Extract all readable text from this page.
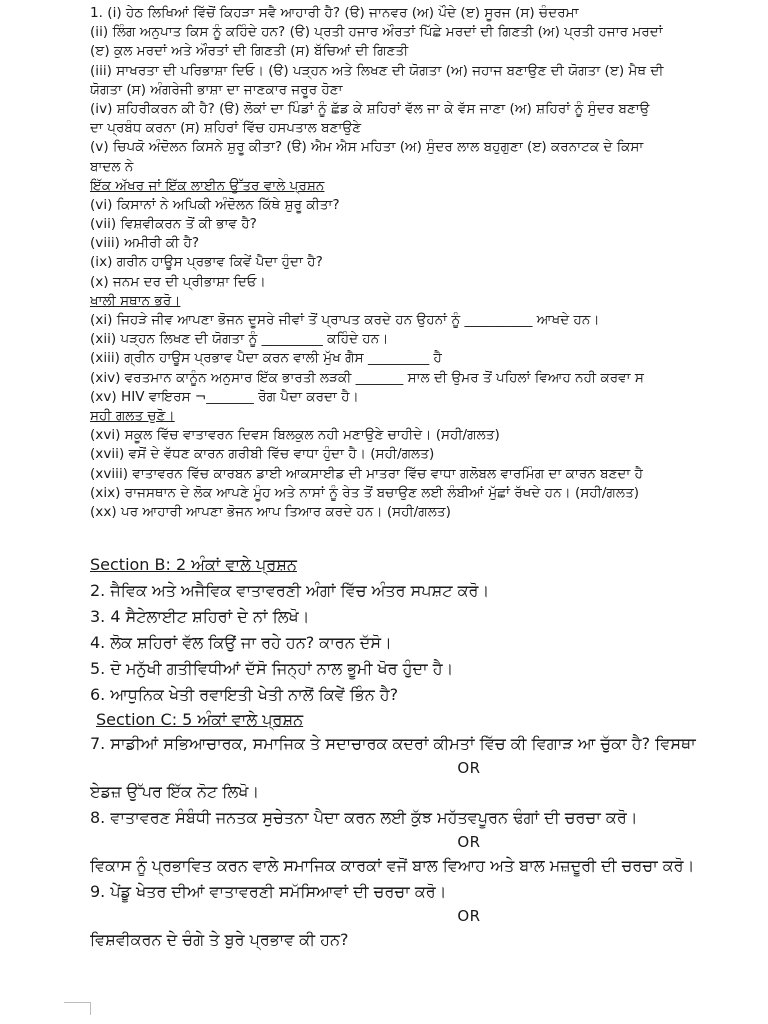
1. (i) ਹੇਠ ਲਿਖਿਆਂ ਵਿੱਚੋਂ ਕਿਹੜਾ ਸਵੈ ਆਹਾਰੀ ਹੈ? (ੳ) ਜਾਨਵਰ (ਅ) ਪੌਦੇ (ੲ) ਸੂਰਜ (ਸ) ਚੰਦਰਮਾ
(ii) ਲਿੰਗ ਅਨੁਪਾਤ ਕਿਸ ਨੂੰ ਕਹਿੰਦੇ ਹਨ? (ੳ) ਪ੍ਰਤੀ ਹਜਾਰ ਔਰਤਾਂ ਪਿੱਛੇ ਮਰਦਾਂ ਦੀ ਗਿਣਤੀ (ਅ) ਪ੍ਰਤੀ ਹਜਾਰ ਮਰਦਾਂ
(ੲ) ਕੁਲ ਮਰਦਾਂ ਅਤੇ ਔਰਤਾਂ ਦੀ ਗਿਣਤੀ (ਸ) ਬੱਚਿਆਂ ਦੀ ਗਿਣਤੀ
(iii) ਸਾਖਰਤਾ ਦੀ ਪਰਿਭਾਸ਼ਾ ਦਿਓ। (ੳ) ਪੜ੍ਹਨ ਅਤੇ ਲਿਖਣ ਦੀ ਯੋਗਤਾ (ਅ) ਜਹਾਜ ਬਣਾਉਣ ਦੀ ਯੋਗਤਾ (ੲ) ਮੈਥ ਦੀ
ਯੋਗਤਾ (ਸ) ਅੰਗਰੇਜੀ ਭਾਸ਼ਾ ਦਾ ਜਾਣਕਾਰ ਜਰੂਰ ਹੋਣਾ
(iv) ਸ਼ਹਿਰੀਕਰਨ ਕੀ ਹੈ? (ੳ) ਲੋਕਾਂ ਦਾ ਪਿੰਡਾਂ ਨੂੰ ਛੱਡ ਕੇ ਸ਼ਹਿਰਾਂ ਵੱਲ ਜਾ ਕੇ ਵੱਸ ਜਾਣਾ (ਅ) ਸ਼ਹਿਰਾਂ ਨੂੰ ਸੁੰਦਰ ਬਣਾਉ
ਦਾ ਪ੍ਰਬੰਧ ਕਰਨਾ (ਸ) ਸ਼ਹਿਰਾਂ ਵਿੱਚ ਹਸਪਤਾਲ ਬਣਾਉਣੇ
(v) ਚਿਪਕੋ ਅੰਦੋਲਨ ਕਿਸਨੇ ਸ਼ੁਰੂ ਕੀਤਾ? (ੳ) ਐਮ ਐਸ ਮਹਿਤਾ (ਅ) ਸੁੰਦਰ ਲਾਲ ਬਹੁਗੁਣਾ (ੲ) ਕਰਨਾਟਕ ਦੇ ਕਿਸਾ
ਬਾਦਲ ਨੇ
ਇੱਕ ਅੱਖਰ ਜਾਂ ਇੱਕ ਲਾਈਨ ਉੱਤਰ ਵਾਲੇ ਪ੍ਰਸ਼ਨ
(vi) ਕਿਸਾਨਾਂ ਨੇ ਅਪਿਕੀ ਅੰਦੋਲਨ ਕਿੱਥੇ ਸ਼ੁਰੂ ਕੀਤਾ?
(vii) ਵਿਸ਼ਵੀਕਰਨ ਤੋਂ ਕੀ ਭਾਵ ਹੈ?
(viii) ਅਮੀਰੀ ਕੀ ਹੈ?
(ix) ਗਰੀਨ ਹਾਊਸ ਪ੍ਰਭਾਵ ਕਿਵੇਂ ਪੈਦਾ ਹੁੰਦਾ ਹੈ?
(x) ਜਨਮ ਦਰ ਦੀ ਪ੍ਰੀਭਾਸ਼ਾ ਦਿਓ।
ਖਾਲੀ ਸਥਾਨ ਭਰੋ।
(xi) ਜਿਹੜੇ ਜੀਵ ਆਪਣਾ ਭੋਜਨ ਦੂਸਰੇ ਜੀਵਾਂ ਤੋਂ ਪ੍ਰਾਪਤ ਕਰਦੇ ਹਨ ਉਹਨਾਂ ਨੂੰ __________ ਆਖਦੇ ਹਨ।
(xii) ਪੜ੍ਹਨ ਲਿਖਣ ਦੀ ਯੋਗਤਾ ਨੂੰ _________ ਕਹਿੰਦੇ ਹਨ।
(xiii) ਗ੍ਰੀਨ ਹਾਊਸ ਪ੍ਰਭਾਵ ਪੈਦਾ ਕਰਨ ਵਾਲੀ ਮੁੱਖ ਗੈਸ _________ ਹੈ
(xiv) ਵਰਤਮਾਨ ਕਾਨੂੰਨ ਅਨੁਸਾਰ ਇੱਕ ਭਾਰਤੀ ਲੜਕੀ _______ ਸਾਲ ਦੀ ਉਮਰ ਤੋਂ ਪਹਿਲਾਂ ਵਿਆਹ ਨਹੀ ਕਰਵਾ ਸ
(xv) HIV ਵਾਇਰਸ ¬_______ ਰੋਗ ਪੈਦਾ ਕਰਦਾ ਹੈ।
ਸਹੀ ਗਲਤ ਚੁਣੋ।
(xvi) ਸਕੂਲ ਵਿੱਚ ਵਾਤਾਵਰਨ ਦਿਵਸ ਬਿਲਕੁਲ ਨਹੀ ਮਣਾਉਣੇ ਚਾਹੀਦੇ। (ਸਹੀ/ਗਲਤ)
(xvii) ਵਸੋਂ ਦੇ ਵੱਧਣ ਕਾਰਨ ਗਰੀਬੀ ਵਿੱਚ ਵਾਧਾ ਹੁੰਦਾ ਹੈ। (ਸਹੀ/ਗਲਤ)
(xviii) ਵਾਤਾਵਰਨ ਵਿੱਚ ਕਾਰਬਨ ਡਾਈ ਆਕਸਾਈਡ ਦੀ ਮਾਤਰਾ ਵਿੱਚ ਵਾਧਾ ਗਲੋਬਲ ਵਾਰਮਿੰਗ ਦਾ ਕਾਰਨ ਬਣਦਾ ਹੈ
(xix) ਰਾਜਸਥਾਨ ਦੇ ਲੋਕ ਆਪਣੇ ਮੂੰਹ ਅਤੇ ਨਾਸਾਂ ਨੂੰ ਰੇਤ ਤੋਂ ਬਚਾਉਣ ਲਈ ਲੰਬੀਆਂ ਮੁੱਛਾਂ ਰੱਖਦੇ ਹਨ। (ਸਹੀ/ਗਲਤ)
(xx) ਪਰ ਆਹਾਰੀ ਆਪਣਾ ਭੋਜਨ ਆਪ ਤਿਆਰ ਕਰਦੇ ਹਨ। (ਸਹੀ/ਗਲਤ)
Section B: 2 ਅੰਕਾਂ ਵਾਲੇ ਪ੍ਰਸ਼ਨ
2. ਜੈਵਿਕ ਅਤੇ ਅਜੈਵਿਕ ਵਾਤਾਵਰਣੀ ਅੰਗਾਂ ਵਿੱਚ ਅੰਤਰ ਸਪਸ਼ਟ ਕਰੋ।
3. 4 ਸੈਟੇਲਾਈਟ ਸ਼ਹਿਰਾਂ ਦੇ ਨਾਂ ਲਿਖੋ।
4. ਲੋਕ ਸ਼ਹਿਰਾਂ ਵੱਲ ਕਿਉਂ ਜਾ ਰਹੇ ਹਨ? ਕਾਰਨ ਦੱਸੋ।
5. ਦੋ ਮਨੁੱਖੀ ਗਤੀਵਿਧੀਆਂ ਦੱਸੋ ਜਿਨ੍ਹਾਂ ਨਾਲ ਭੂਮੀ ਖੋਰ ਹੁੰਦਾ ਹੈ।
6. ਆਧੁਨਿਕ ਖੇਤੀ ਰਵਾਇਤੀ ਖੇਤੀ ਨਾਲੋਂ ਕਿਵੇਂ ਭਿੰਨ ਹੈ?
Section C: 5 ਅੰਕਾਂ ਵਾਲੇ ਪ੍ਰਸ਼ਨ
7. ਸਾਡੀਆਂ ਸਭਿਆਚਾਰਕ, ਸਮਾਜਿਕ ਤੇ ਸਦਾਚਾਰਕ ਕਦਰਾਂ ਕੀਮਤਾਂ ਵਿੱਚ ਕੀ ਵਿਗਾੜ ਆ ਚੁੱਕਾ ਹੈ? ਵਿਸਥਾ
OR
ਏਡਜ਼ ਉੱਪਰ ਇੱਕ ਨੋਟ ਲਿਖੋ।
8. ਵਾਤਾਵਰਣ ਸੰਬੰਧੀ ਜਨਤਕ ਸੁਚੇਤਨਾ ਪੈਦਾ ਕਰਨ ਲਈ ਕੁੱਝ ਮਹੱਤਵਪੂਰਨ ਢੰਗਾਂ ਦੀ ਚਰਚਾ ਕਰੋ।
OR
ਵਿਕਾਸ ਨੂੰ ਪ੍ਰਭਾਵਿਤ ਕਰਨ ਵਾਲੇ ਸਮਾਜਿਕ ਕਾਰਕਾਂ ਵਜੋਂ ਬਾਲ ਵਿਆਹ ਅਤੇ ਬਾਲ ਮਜ਼ਦੂਰੀ ਦੀ ਚਰਚਾ ਕਰੋ।
9. ਪੇਂਡੂ ਖੇਤਰ ਦੀਆਂ ਵਾਤਾਵਰਣੀ ਸਮੱਸਿਆਵਾਂ ਦੀ ਚਰਚਾ ਕਰੋ।
OR
ਵਿਸ਼ਵੀਕਰਨ ਦੇ ਚੰਗੇ ਤੇ ਬੁਰੇ ਪ੍ਰਭਾਵ ਕੀ ਹਨ?
